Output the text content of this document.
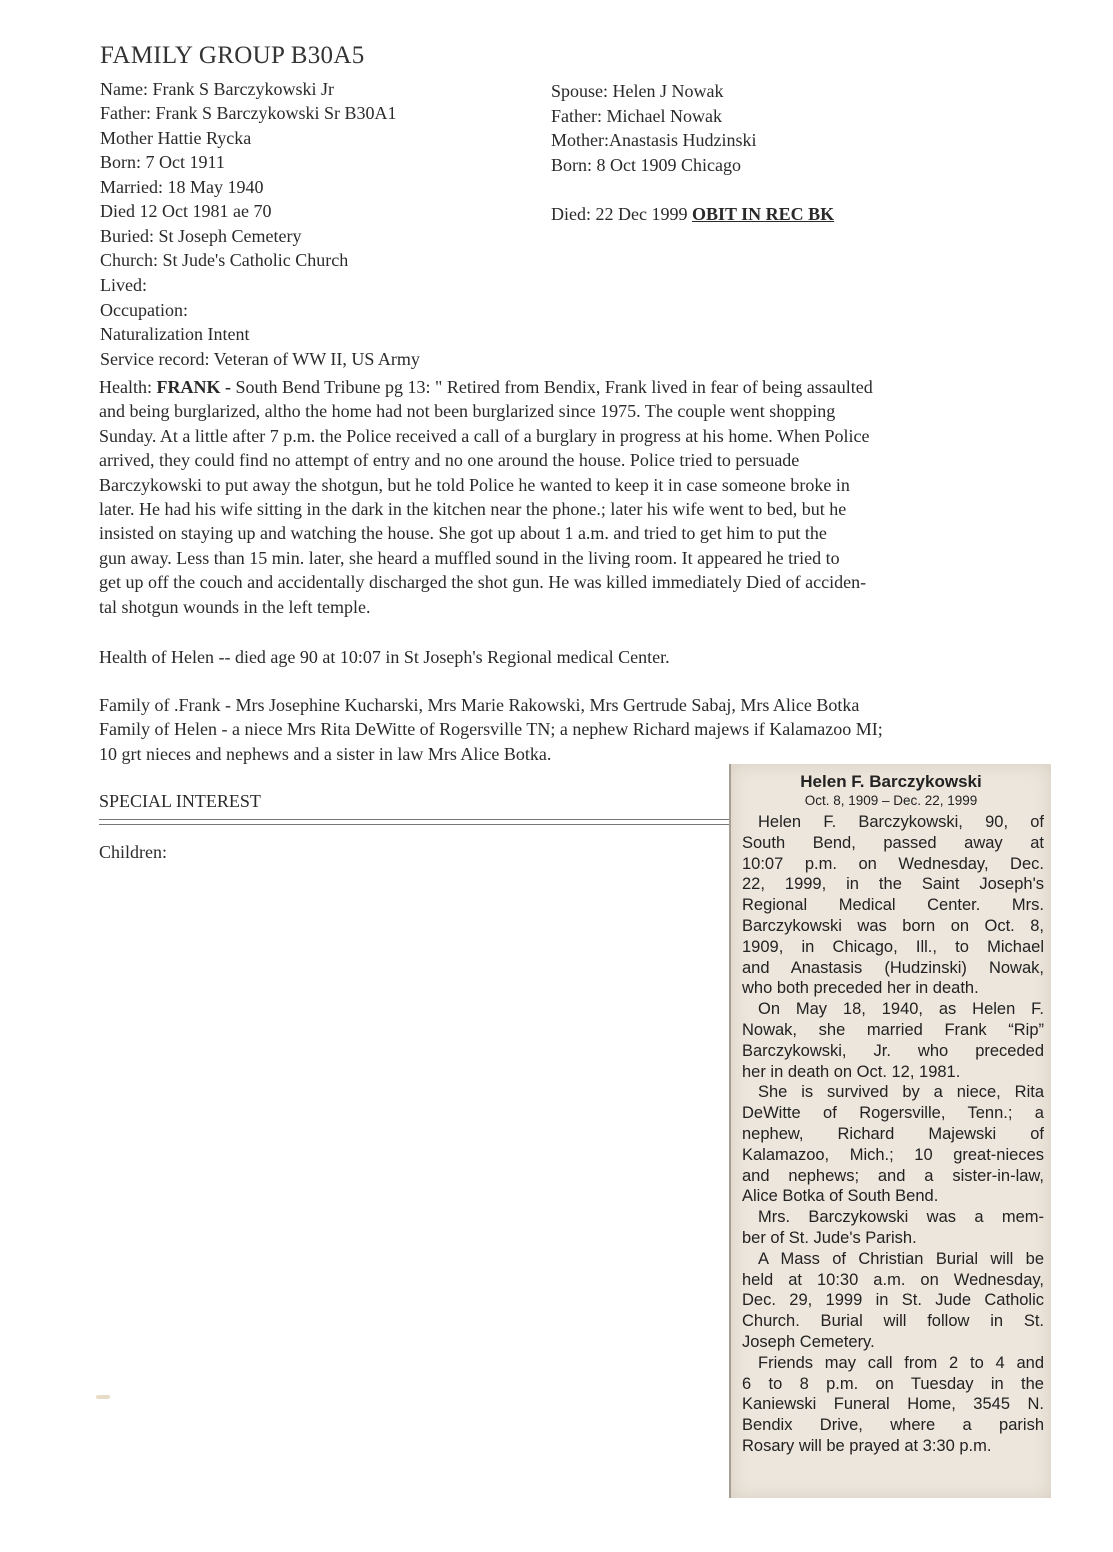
FAMILY GROUP B30A5
Name: Frank S Barczykowski Jr
Father: Frank S Barczykowski Sr B30A1
Mother Hattie Rycka
Born: 7 Oct 1911
Married: 18 May 1940
Died 12 Oct 1981 ae 70
Buried: St Joseph Cemetery
Church: St Jude's Catholic Church
Lived:
Occupation:
Naturalization Intent
Service record: Veteran of WW II, US Army
Spouse: Helen J Nowak
Father: Michael Nowak
Mother:Anastasis Hudzinski
Born: 8 Oct 1909 Chicago
Died: 22 Dec 1999 OBIT IN REC BK
Health: FRANK - South Bend Tribune pg 13: " Retired from Bendix, Frank lived in fear of being assaulted
and being burglarized, altho the home had not been burglarized since 1975. The couple went shopping
Sunday. At a little after 7 p.m. the Police received a call of a burglary in progress at his home. When Police
arrived, they could find no attempt of entry and no one around the house. Police tried to persuade
Barczykowski to put away the shotgun, but he told Police he wanted to keep it in case someone broke in
later. He had his wife sitting in the dark in the kitchen near the phone.; later his wife went to bed, but he
insisted on staying up and watching the house. She got up about 1 a.m. and tried to get him to put the
gun away. Less than 15 min. later, she heard a muffled sound in the living room. It appeared he tried to
get up off the couch and accidentally discharged the shot gun. He was killed immediately Died of acciden-
tal shotgun wounds in the left temple.
Health of Helen -- died age 90 at 10:07 in St Joseph's Regional medical Center.
Family of .Frank - Mrs Josephine Kucharski, Mrs Marie Rakowski, Mrs Gertrude Sabaj, Mrs Alice Botka
Family of Helen - a niece Mrs Rita DeWitte of Rogersville TN; a nephew Richard majews if Kalamazoo MI;
10 grt nieces and nephews and a sister in law Mrs Alice Botka.
SPECIAL INTEREST
Children:
Helen F. Barczykowski
Oct. 8, 1909 – Dec. 22, 1999
Helen F. Barczykowski, 90, of
South Bend, passed away at
10:07 p.m. on Wednesday, Dec.
22, 1999, in the Saint Joseph's
Regional Medical Center. Mrs.
Barczykowski was born on Oct. 8,
1909, in Chicago, Ill., to Michael
and Anastasis (Hudzinski) Nowak,
who both preceded her in death.
On May 18, 1940, as Helen F.
Nowak, she married Frank “Rip”
Barczykowski, Jr. who preceded
her in death on Oct. 12, 1981.
She is survived by a niece, Rita
DeWitte of Rogersville, Tenn.; a
nephew, Richard Majewski of
Kalamazoo, Mich.; 10 great-nieces
and nephews; and a sister-in-law,
Alice Botka of South Bend.
Mrs. Barczykowski was a mem-
ber of St. Jude's Parish.
A Mass of Christian Burial will be
held at 10:30 a.m. on Wednesday,
Dec. 29, 1999 in St. Jude Catholic
Church. Burial will follow in St.
Joseph Cemetery.
Friends may call from 2 to 4 and
6 to 8 p.m. on Tuesday in the
Kaniewski Funeral Home, 3545 N.
Bendix Drive, where a parish
Rosary will be prayed at 3:30 p.m.
